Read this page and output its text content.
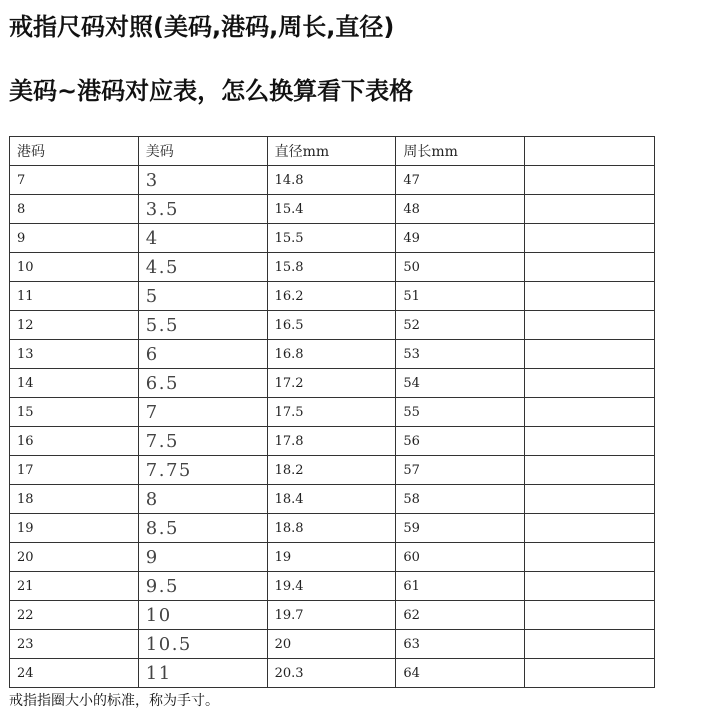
戒指尺码对照(美码,港码,周长,直径)
美码~港码对应表，怎么换算看下表格
港码	美码	直径mm	周长mm	
7	3	14.8	47	
8	3.5	15.4	48	
9	4	15.5	49	
10	4.5	15.8	50	
11	5	16.2	51	
12	5.5	16.5	52	
13	6	16.8	53	
14	6.5	17.2	54	
15	7	17.5	55	
16	7.5	17.8	56	
17	7.75	18.2	57	
18	8	18.4	58	
19	8.5	18.8	59	
20	9	19	60	
21	9.5	19.4	61	
22	10	19.7	62	
23	10.5	20	63	
24	11	20.3	64	
戒指指圈大小的标准，称为手寸。
